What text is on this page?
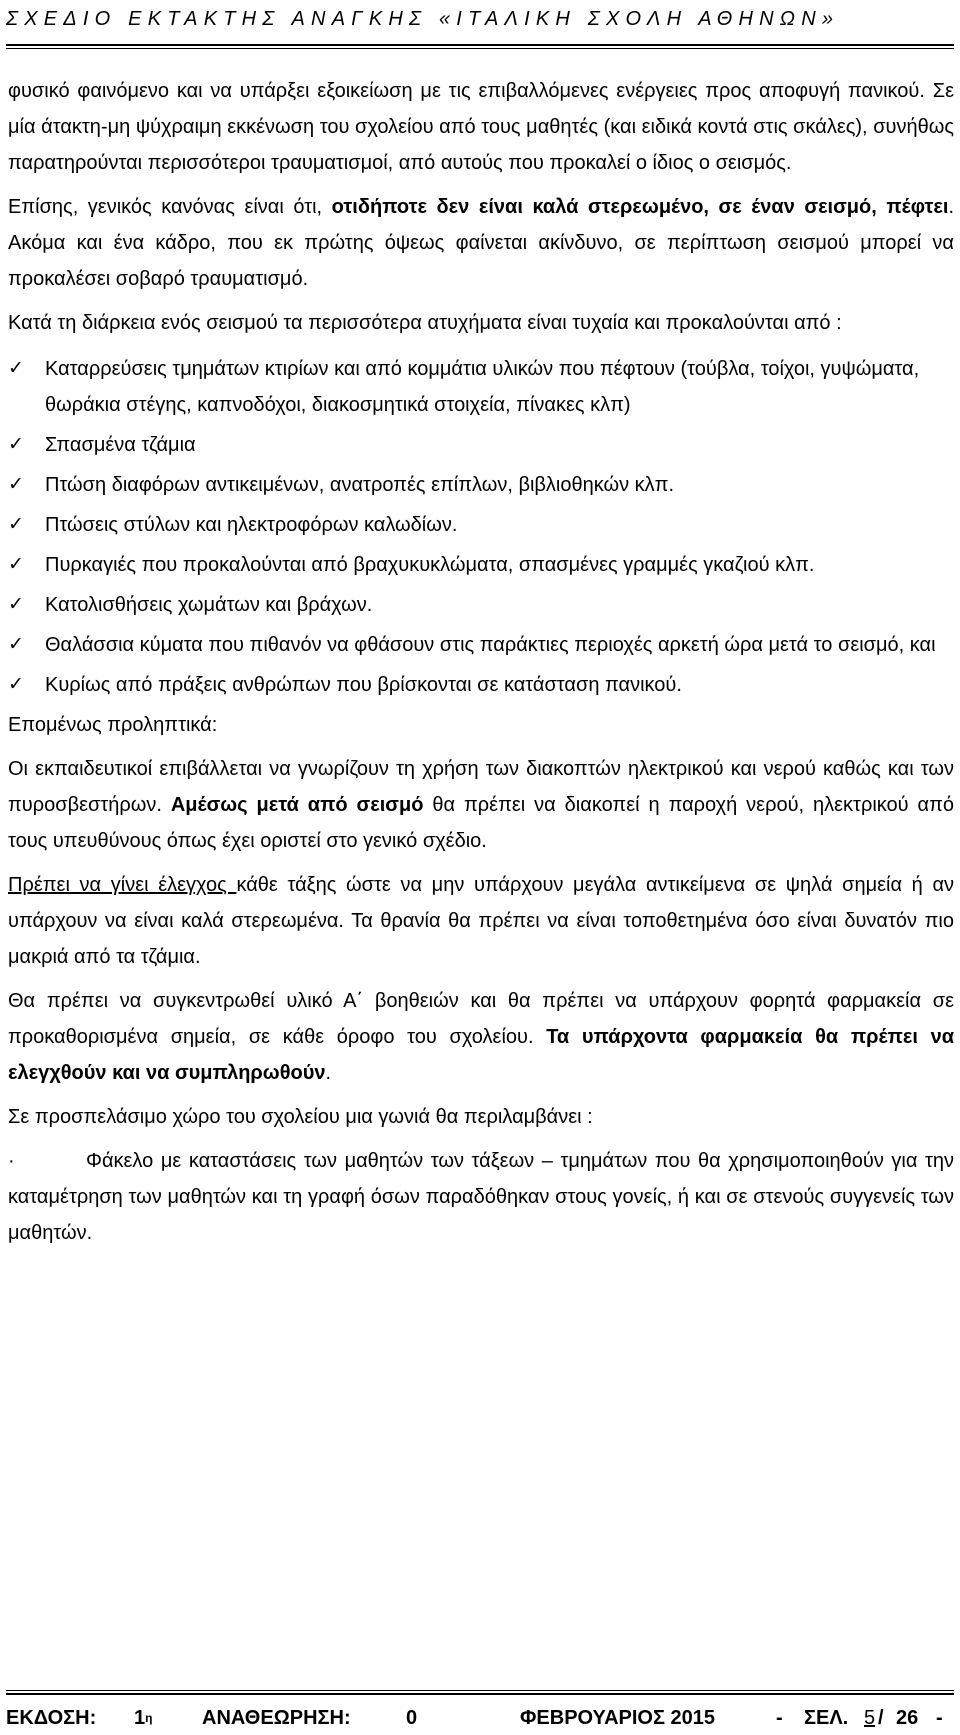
ΣΧΕΔΙΟ ΕΚΤΑΚΤΗΣ ΑΝΑΓΚΗΣ «ΙΤΑΛΙΚΗ ΣΧΟΛΗ ΑΘΗΝΩΝ»

φυσικό φαινόμενο και να υπάρξει εξοικείωση με τις επιβαλλόμενες ενέργειες προς αποφυγή πανικού. Σε μία άτακτη-μη ψύχραιμη εκκένωση του σχολείου από τους μαθητές (και ειδικά κοντά στις σκάλες), συνήθως παρατηρούνται περισσότεροι τραυματισμοί, από αυτούς που προκαλεί ο ίδιος ο σεισμός.

Επίσης, γενικός κανόνας είναι ότι, οτιδήποτε δεν είναι καλά στερεωμένο, σε έναν σεισμό, πέφτει. Ακόμα και ένα κάδρο, που εκ πρώτης όψεως φαίνεται ακίνδυνο, σε περίπτωση σεισμού μπορεί να προκαλέσει σοβαρό τραυματισμό.

Κατά τη διάρκεια ενός σεισμού τα περισσότερα ατυχήματα είναι τυχαία και προκαλούνται από :

✓ Καταρρεύσεις τμημάτων κτιρίων και από κομμάτια υλικών που πέφτουν (τούβλα, τοίχοι, γυψώματα, θωράκια στέγης, καπνοδόχοι, διακοσμητικά στοιχεία, πίνακες κλπ)
✓ Σπασμένα τζάμια
✓ Πτώση διαφόρων αντικειμένων, ανατροπές επίπλων, βιβλιοθηκών κλπ.
✓ Πτώσεις στύλων και ηλεκτροφόρων καλωδίων.
✓ Πυρκαγιές που προκαλούνται από βραχυκυκλώματα, σπασμένες γραμμές γκαζιού κλπ.
✓ Κατολισθήσεις χωμάτων και βράχων.
✓ Θαλάσσια κύματα που πιθανόν να φθάσουν στις παράκτιες περιοχές αρκετή ώρα μετά το σεισμό, και
✓ Κυρίως από πράξεις ανθρώπων που βρίσκονται σε κατάσταση πανικού.

Επομένως προληπτικά:

Οι εκπαιδευτικοί επιβάλλεται να γνωρίζουν τη χρήση των διακοπτών ηλεκτρικού και νερού καθώς και των πυροσβεστήρων. Αμέσως μετά από σεισμό θα πρέπει να διακοπεί η παροχή νερού, ηλεκτρικού από τους υπευθύνους όπως έχει οριστεί στο γενικό σχέδιο.

Πρέπει να γίνει έλεγχος κάθε τάξης ώστε να μην υπάρχουν μεγάλα αντικείμενα σε ψηλά σημεία ή αν υπάρχουν να είναι καλά στερεωμένα. Τα θρανία θα πρέπει να είναι τοποθετημένα όσο είναι δυνατόν πιο μακριά από τα τζάμια.

Θα πρέπει να συγκεντρωθεί υλικό Α΄ βοηθειών και θα πρέπει να υπάρχουν φορητά φαρμακεία σε προκαθορισμένα σημεία, σε κάθε όροφο του σχολείου. Τα υπάρχοντα φαρμακεία θα πρέπει να ελεγχθούν και να συμπληρωθούν.

Σε προσπελάσιμο χώρο του σχολείου μια γωνιά θα περιλαμβάνει :

·	Φάκελο με καταστάσεις των μαθητών των τάξεων – τμημάτων που θα χρησιμοποιηθούν για την καταμέτρηση των μαθητών και τη γραφή όσων παραδόθηκαν στους γονείς, ή και σε στενούς συγγενείς των μαθητών.

ΕΚΔΟΣΗ: $1^\eta$ ΑΝΑΘΕΩΡΗΣΗ:	0	ΦΕΒΡΟΥΑΡΙΟΣ 2015	- ΣΕΛ. 5 / 26 -
